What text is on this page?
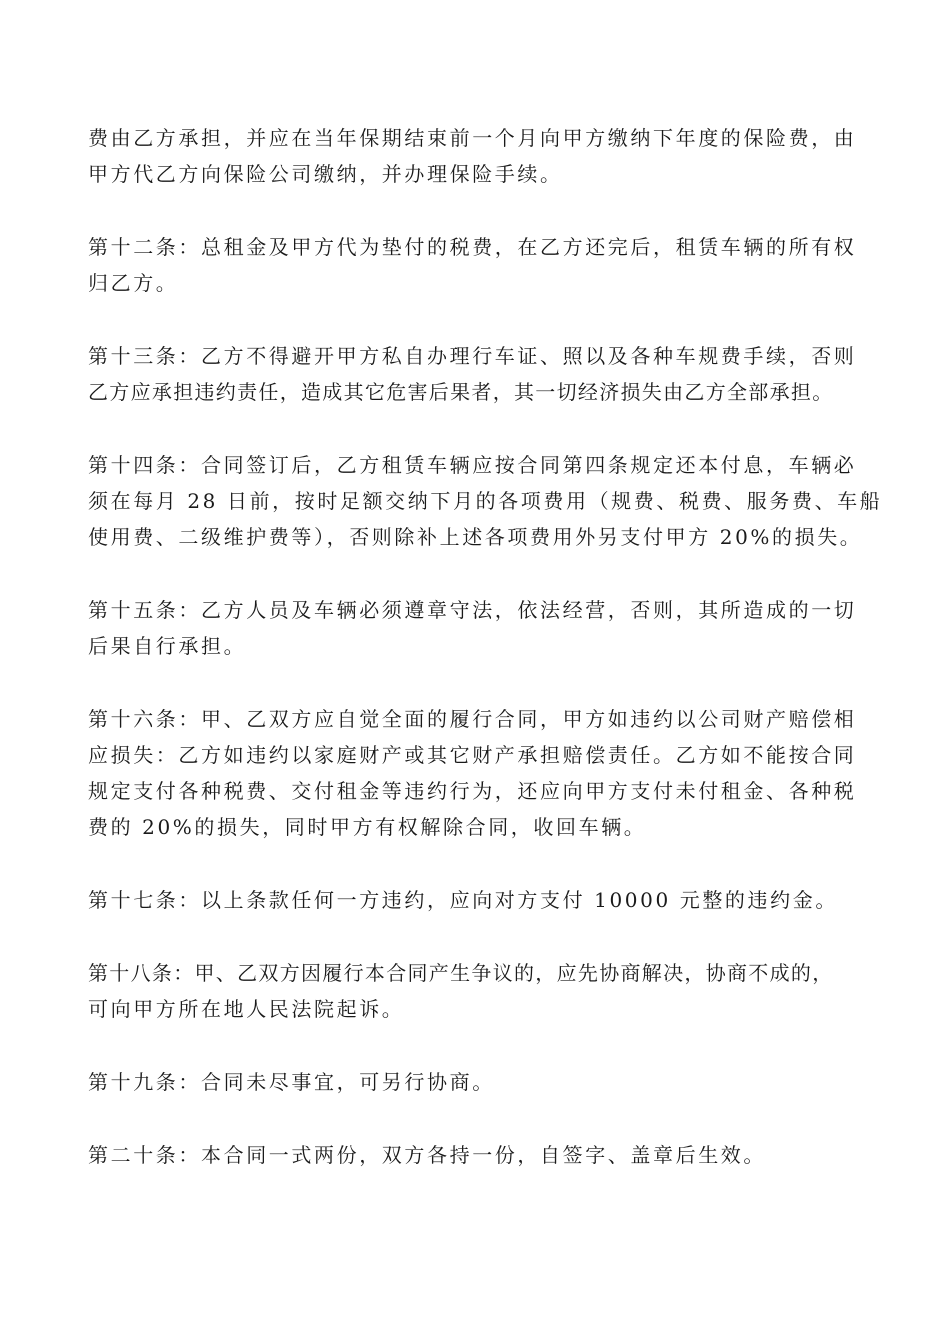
费由乙方承担，并应在当年保期结束前一个月向甲方缴纳下年度的保险费，由
甲方代乙方向保险公司缴纳，并办理保险手续。
第十二条：总租金及甲方代为垫付的税费，在乙方还完后，租赁车辆的所有权
归乙方。
第十三条：乙方不得避开甲方私自办理行车证、照以及各种车规费手续，否则
乙方应承担违约责任，造成其它危害后果者，其一切经济损失由乙方全部承担。
第十四条：合同签订后，乙方租赁车辆应按合同第四条规定还本付息，车辆必
须在每月 28 日前，按时足额交纳下月的各项费用（规费、税费、服务费、车船
使用费、二级维护费等），否则除补上述各项费用外另支付甲方 20%的损失。
第十五条：乙方人员及车辆必须遵章守法，依法经营，否则，其所造成的一切
后果自行承担。
第十六条：甲、乙双方应自觉全面的履行合同，甲方如违约以公司财产赔偿相
应损失：乙方如违约以家庭财产或其它财产承担赔偿责任。乙方如不能按合同
规定支付各种税费、交付租金等违约行为，还应向甲方支付未付租金、各种税
费的 20%的损失，同时甲方有权解除合同，收回车辆。
第十七条：以上条款任何一方违约，应向对方支付 10000 元整的违约金。
第十八条：甲、乙双方因履行本合同产生争议的，应先协商解决，协商不成的，
可向甲方所在地人民法院起诉。
第十九条：合同未尽事宜，可另行协商。
第二十条：本合同一式两份，双方各持一份，自签字、盖章后生效。
